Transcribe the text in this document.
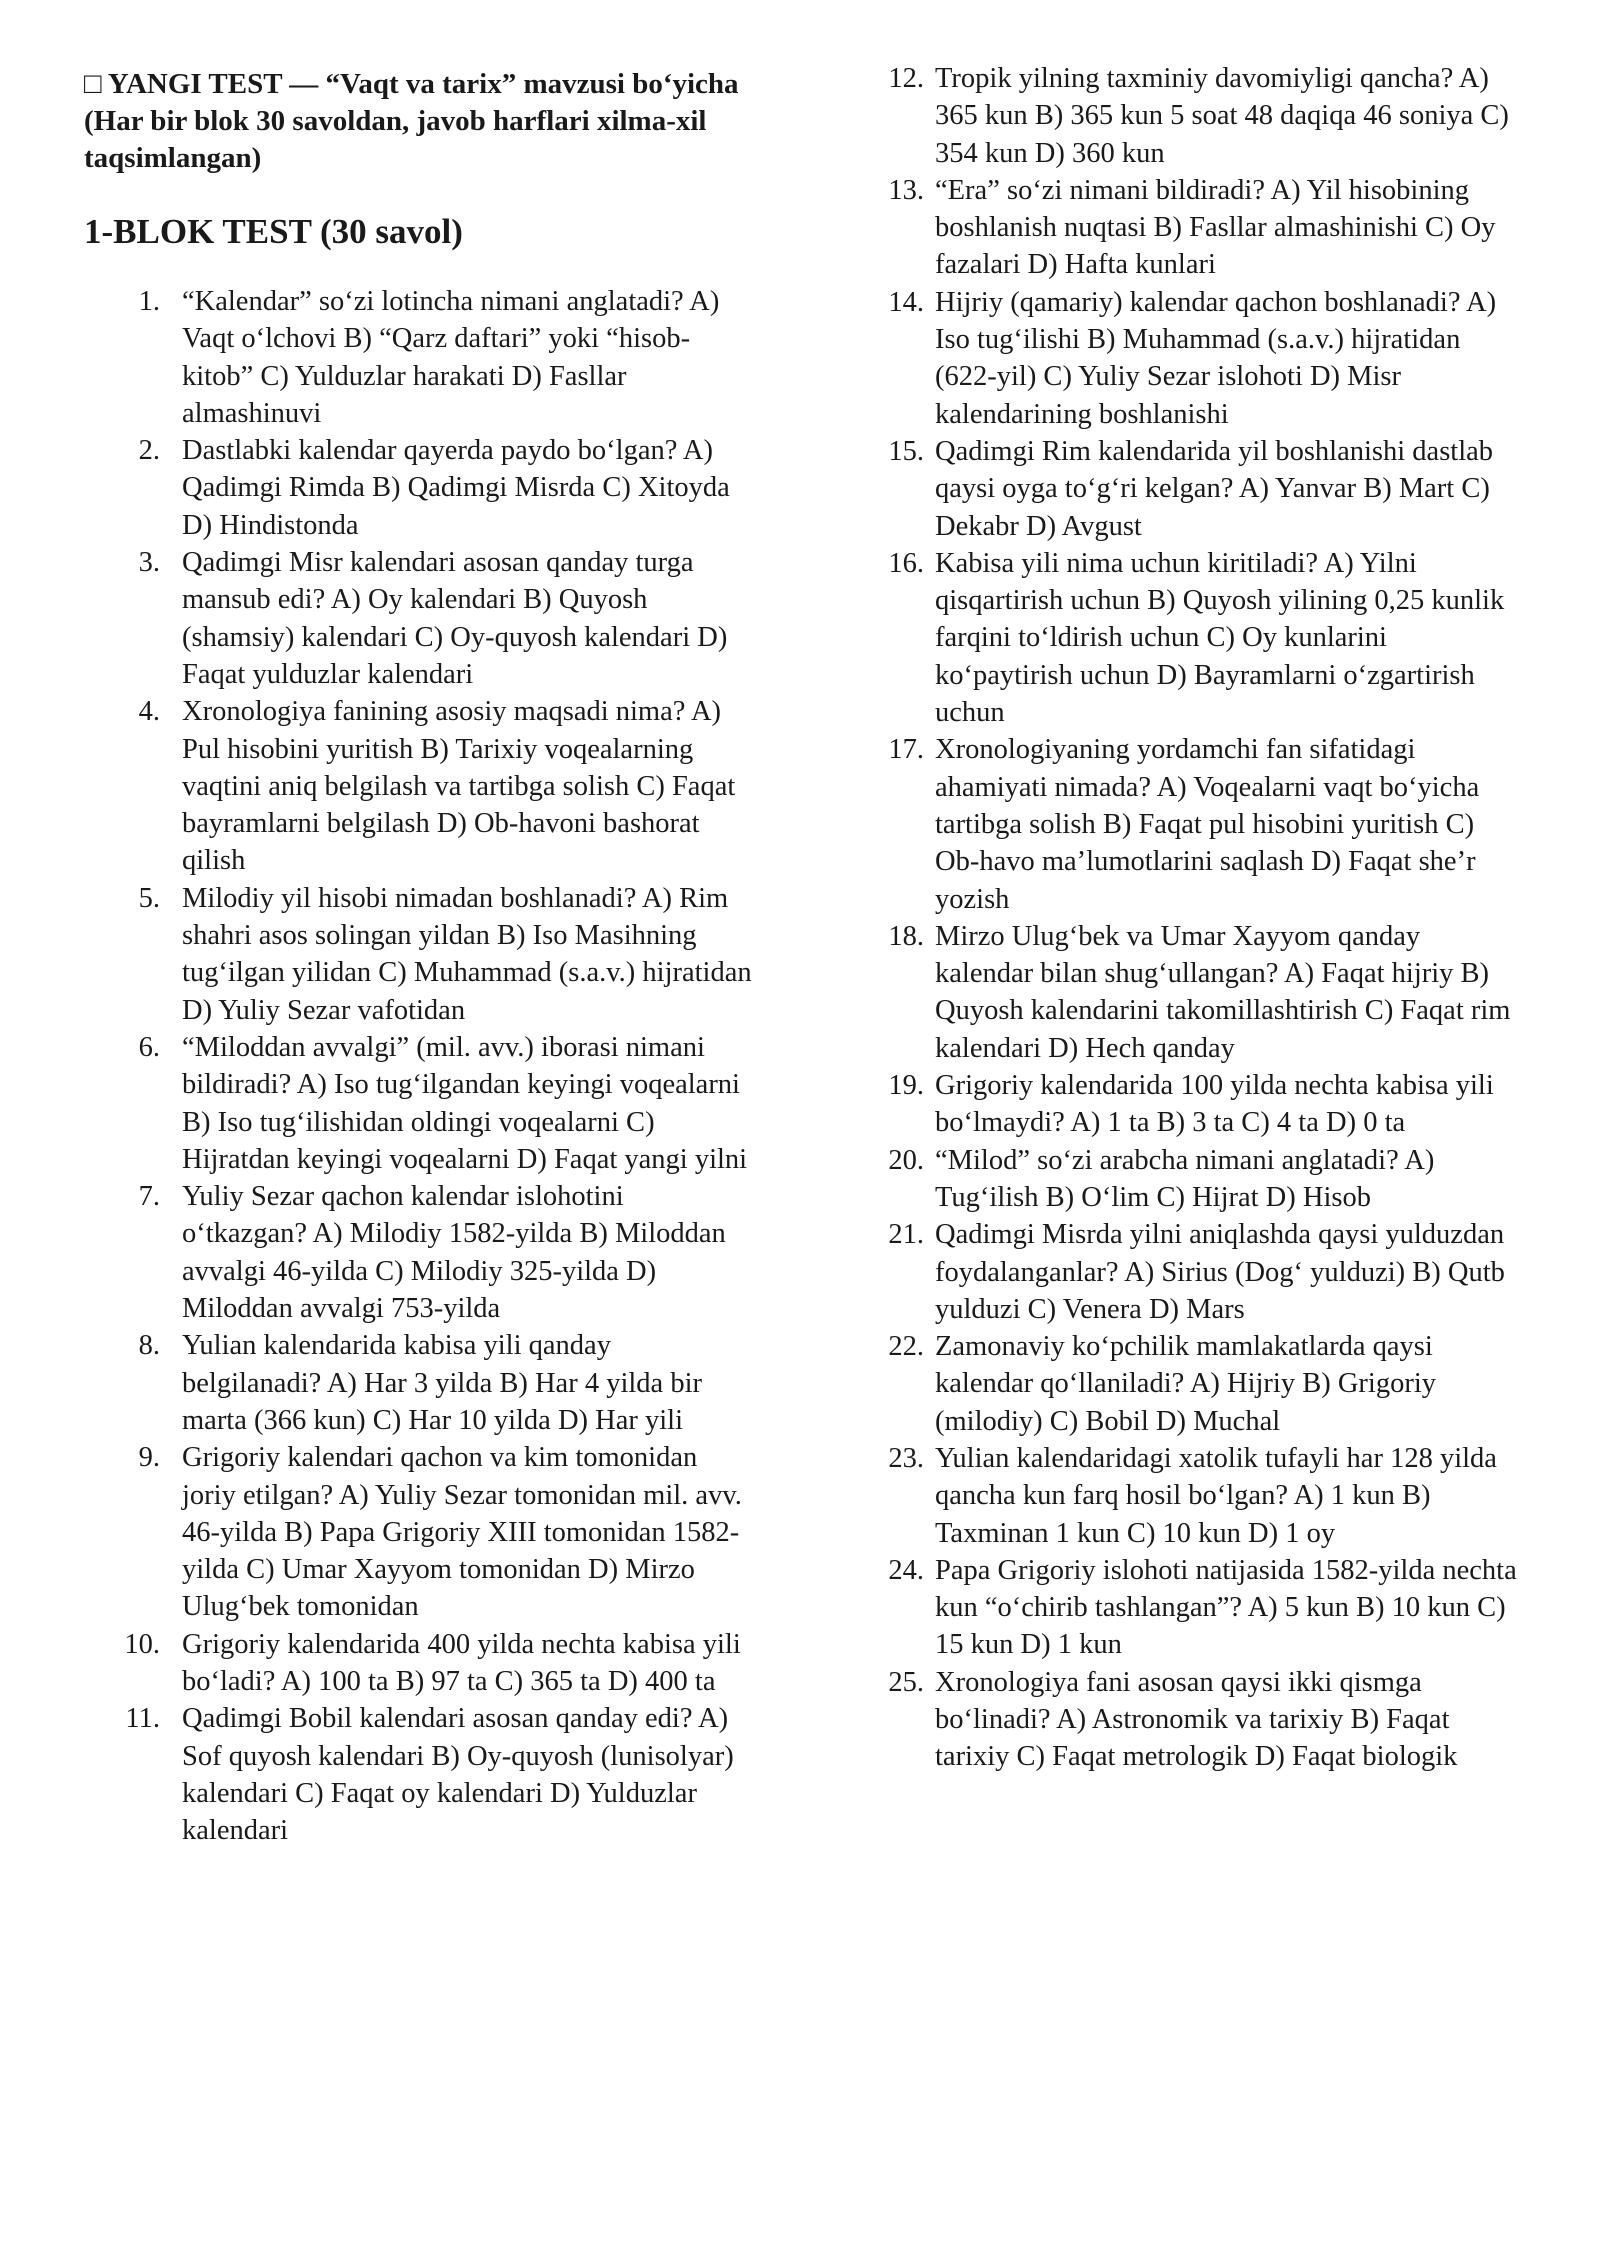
□ YANGI TEST — “Vaqt va tarix” mavzusi bo‘yicha (Har bir blok 30 savoldan, javob harflari xilma-xil taqsimlangan)
1-BLOK TEST (30 savol)
1. “Kalendar” so‘zi lotincha nimani anglatadi? A) Vaqt o‘lchovi B) “Qarz daftari” yoki “hisob-kitob” C) Yulduzlar harakati D) Fasllar almashinuvi
2. Dastlabki kalendar qayerda paydo bo‘lgan? A) Qadimgi Rimda B) Qadimgi Misrda C) Xitoyda D) Hindistonda
3. Qadimgi Misr kalendari asosan qanday turga mansub edi? A) Oy kalendari B) Quyosh (shamsiy) kalendari C) Oy-quyosh kalendari D) Faqat yulduzlar kalendari
4. Xronologiya fanining asosiy maqsadi nima? A) Pul hisobini yuritish B) Tarixiy voqealarning vaqtini aniq belgilash va tartibga solish C) Faqat bayramlarni belgilash D) Ob-havoni bashorat qilish
5. Milodiy yil hisobi nimadan boshlanadi? A) Rim shahri asos solingan yildan B) Iso Masihning tug‘ilgan yilidan C) Muhammad (s.a.v.) hijratidan D) Yuliy Sezar vafotidan
6. “Miloddan avvalgi” (mil. avv.) iborasi nimani bildiradi? A) Iso tug‘ilgandan keyingi voqealarni B) Iso tug‘ilishidan oldingi voqealarni C) Hijratdan keyingi voqealarni D) Faqat yangi yilni
7. Yuliy Sezar qachon kalendar islohotini o‘tkazgan? A) Milodiy 1582-yilda B) Miloddan avvalgi 46-yilda C) Milodiy 325-yilda D) Miloddan avvalgi 753-yilda
8. Yulian kalendarida kabisa yili qanday belgilanadi? A) Har 3 yilda B) Har 4 yilda bir marta (366 kun) C) Har 10 yilda D) Har yili
9. Grigoriy kalendari qachon va kim tomonidan joriy etilgan? A) Yuliy Sezar tomonidan mil. avv. 46-yilda B) Papa Grigoriy XIII tomonidan 1582-yilda C) Umar Xayyom tomonidan D) Mirzo Ulug‘bek tomonidan
10. Grigoriy kalendarida 400 yilda nechta kabisa yili bo‘ladi? A) 100 ta B) 97 ta C) 365 ta D) 400 ta
11. Qadimgi Bobil kalendari asosan qanday edi? A) Sof quyosh kalendari B) Oy-quyosh (lunisolyar) kalendari C) Faqat oy kalendari D) Yulduzlar kalendari
12. Tropik yilning taxminiy davomiyligi qancha? A) 365 kun B) 365 kun 5 soat 48 daqiqa 46 soniya C) 354 kun D) 360 kun
13. “Era” so‘zi nimani bildiradi? A) Yil hisobining boshlanish nuqtasi B) Fasllar almashinishi C) Oy fazalari D) Hafta kunlari
14. Hijriy (qamariy) kalendar qachon boshlanadi? A) Iso tug‘ilishi B) Muhammad (s.a.v.) hijratidan (622-yil) C) Yuliy Sezar islohoti D) Misr kalendarining boshlanishi
15. Qadimgi Rim kalendarida yil boshlanishi dastlab qaysi oyga to‘g‘ri kelgan? A) Yanvar B) Mart C) Dekabr D) Avgust
16. Kabisa yili nima uchun kiritiladi? A) Yilni qisqartirish uchun B) Quyosh yilining 0,25 kunlik farqini to‘ldirish uchun C) Oy kunlarini ko‘paytirish uchun D) Bayramlarni o‘zgartirish uchun
17. Xronologiyaning yordamchi fan sifatidagi ahamiyati nimada? A) Voqealarni vaqt bo‘yicha tartibga solish B) Faqat pul hisobini yuritish C) Ob-havo ma’lumotlarini saqlash D) Faqat she’r yozish
18. Mirzo Ulug‘bek va Umar Xayyom qanday kalendar bilan shug‘ullangan? A) Faqat hijriy B) Quyosh kalendarini takomillashtirish C) Faqat rim kalendari D) Hech qanday
19. Grigoriy kalendarida 100 yilda nechta kabisa yili bo‘lmaydi? A) 1 ta B) 3 ta C) 4 ta D) 0 ta
20. “Milod” so‘zi arabcha nimani anglatadi? A) Tug‘ilish B) O‘lim C) Hijrat D) Hisob
21. Qadimgi Misrda yilni aniqlashda qaysi yulduzdan foydalanganlar? A) Sirius (Dog‘ yulduzi) B) Qutb yulduzi C) Venera D) Mars
22. Zamonaviy ko‘pchilik mamlakatlarda qaysi kalendar qo‘llaniladi? A) Hijriy B) Grigoriy (milodiy) C) Bobil D) Muchal
23. Yulian kalendaridagi xatolik tufayli har 128 yilda qancha kun farq hosil bo‘lgan? A) 1 kun B) Taxminan 1 kun C) 10 kun D) 1 oy
24. Papa Grigoriy islohoti natijasida 1582-yilda nechta kun “o‘chirib tashlangan”? A) 5 kun B) 10 kun C) 15 kun D) 1 kun
25. Xronologiya fani asosan qaysi ikki qismga bo‘linadi? A) Astronomik va tarixiy B) Faqat tarixiy C) Faqat metrologik D) Faqat biologik
